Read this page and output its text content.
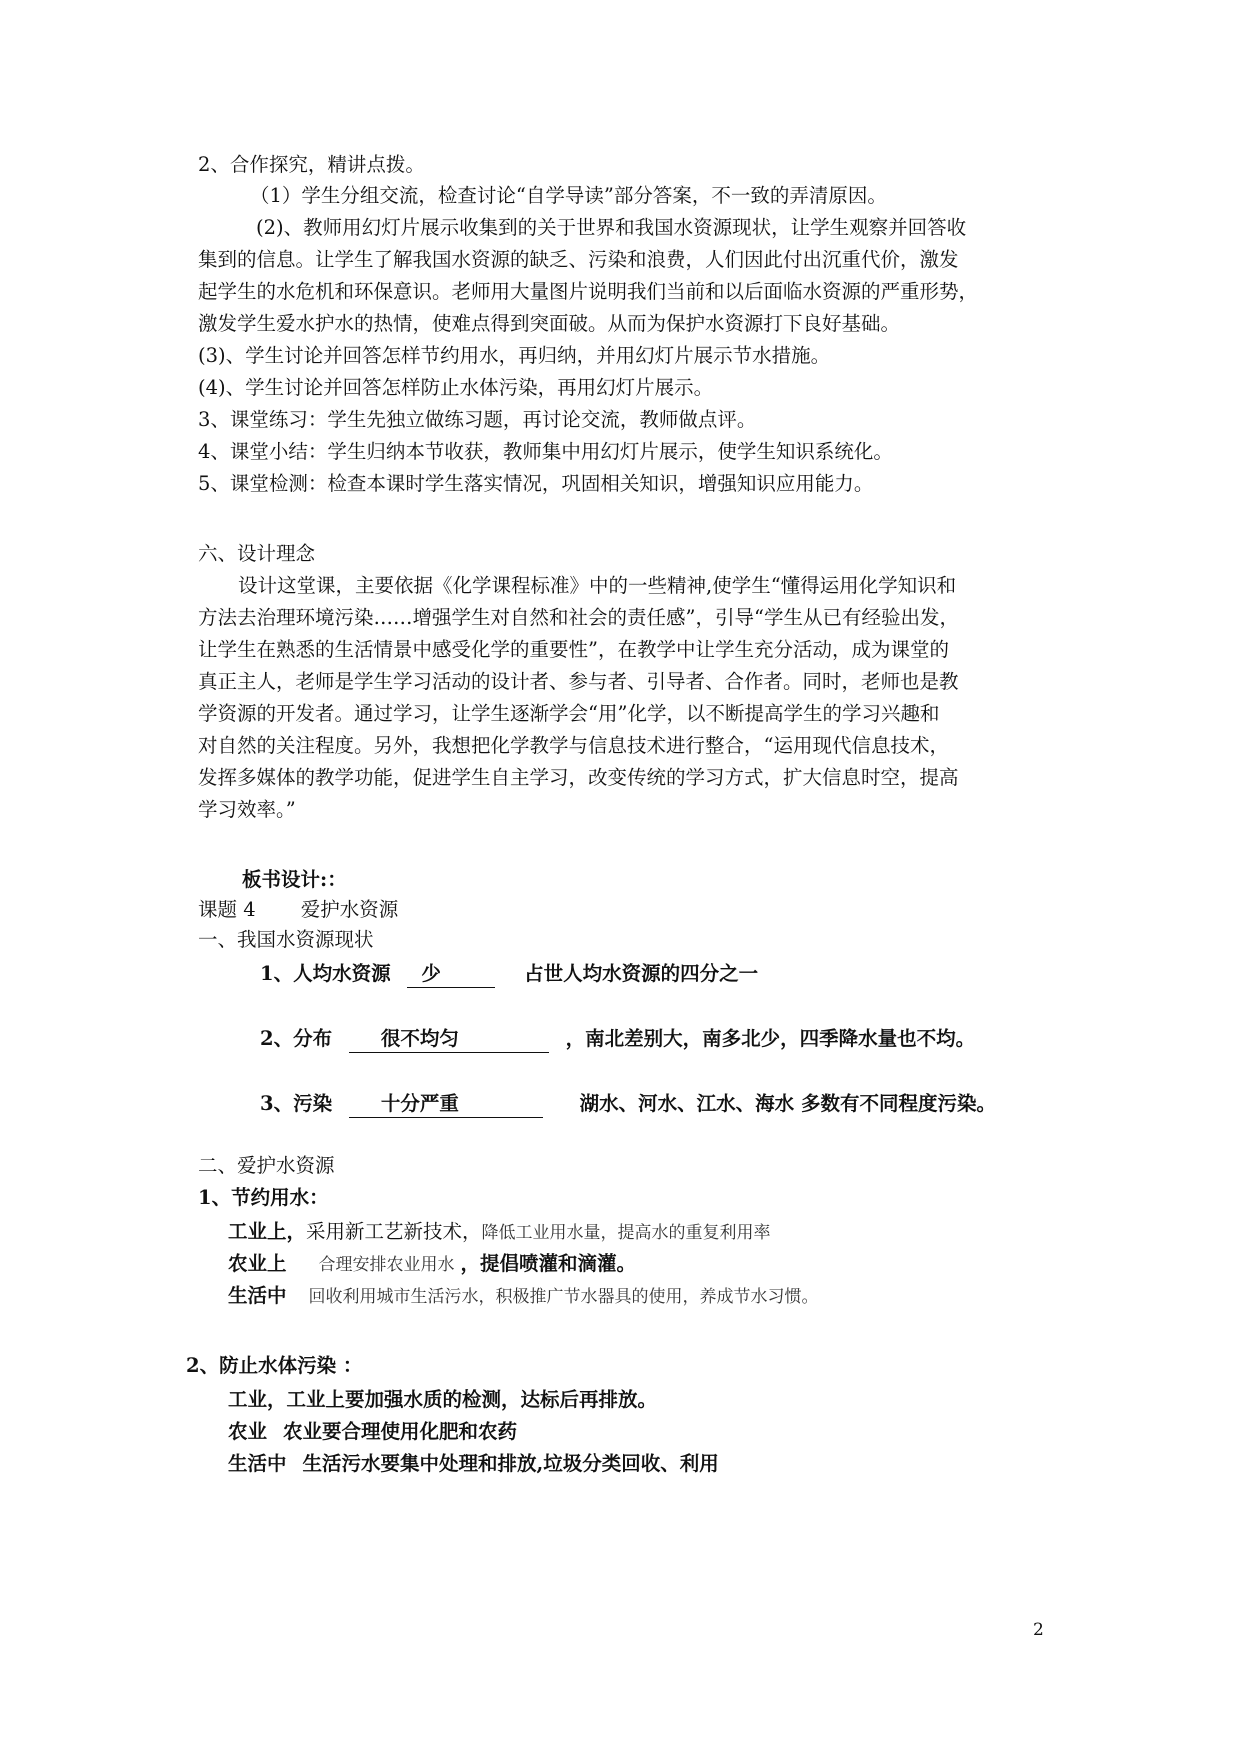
2、合作探究，精讲点拨。
（1）学生分组交流，检查讨论“自学导读”部分答案，不一致的弄清原因。
(2)、教师用幻灯片展示收集到的关于世界和我国水资源现状，让学生观察并回答收
集到的信息。让学生了解我国水资源的缺乏、污染和浪费，人们因此付出沉重代价，激发
起学生的水危机和环保意识。老师用大量图片说明我们当前和以后面临水资源的严重形势，
激发学生爱水护水的热情，使难点得到突面破。从而为保护水资源打下良好基础。
(3)、学生讨论并回答怎样节约用水，再归纳，并用幻灯片展示节水措施。
(4)、学生讨论并回答怎样防止水体污染，再用幻灯片展示。
3、课堂练习：学生先独立做练习题，再讨论交流，教师做点评。
4、课堂小结：学生归纳本节收获，教师集中用幻灯片展示，使学生知识系统化。
5、课堂检测：检查本课时学生落实情况，巩固相关知识，增强知识应用能力。
六、设计理念
设计这堂课，主要依据《化学课程标准》中的一些精神,使学生“懂得运用化学知识和
方法去治理环境污染……增强学生对自然和社会的责任感”，引导“学生从已有经验出发，
让学生在熟悉的生活情景中感受化学的重要性”，在教学中让学生充分活动，成为课堂的
真正主人，老师是学生学习活动的设计者、参与者、引导者、合作者。同时，老师也是教
学资源的开发者。通过学习，让学生逐渐学会“用”化学，以不断提高学生的学习兴趣和
对自然的关注程度。另外，我想把化学教学与信息技术进行整合，“运用现代信息技术，
发挥多媒体的教学功能，促进学生自主学习，改变传统的学习方式，扩大信息时空，提高
学习效率。”
板书设计:：
课题 4　　 爱护水资源
一、我国水资源现状
1、人均水资源 少	占世人均水资源的四分之一
2、分布	很不均匀	，南北差别大，南多北少，四季降水量也不均。
3、污染	十分严重	湖水、河水、江水、海水 多数有不同程度污染。
二、爱护水资源
1、节约用水：
工业上，采用新工艺新技术，降低工业用水量，提高水的重复利用率
农业上 合理安排农业用水 ，提倡喷灌和滴灌。
生活中 回收利用城市生活污水，积极推广节水器具的使用，养成节水习惯。
2、防止水体污染 ：
工业，工业上要加强水质的检测，达标后再排放。
农业 农业要合理使用化肥和农药
生活中 生活污水要集中处理和排放,垃圾分类回收、利用
2
